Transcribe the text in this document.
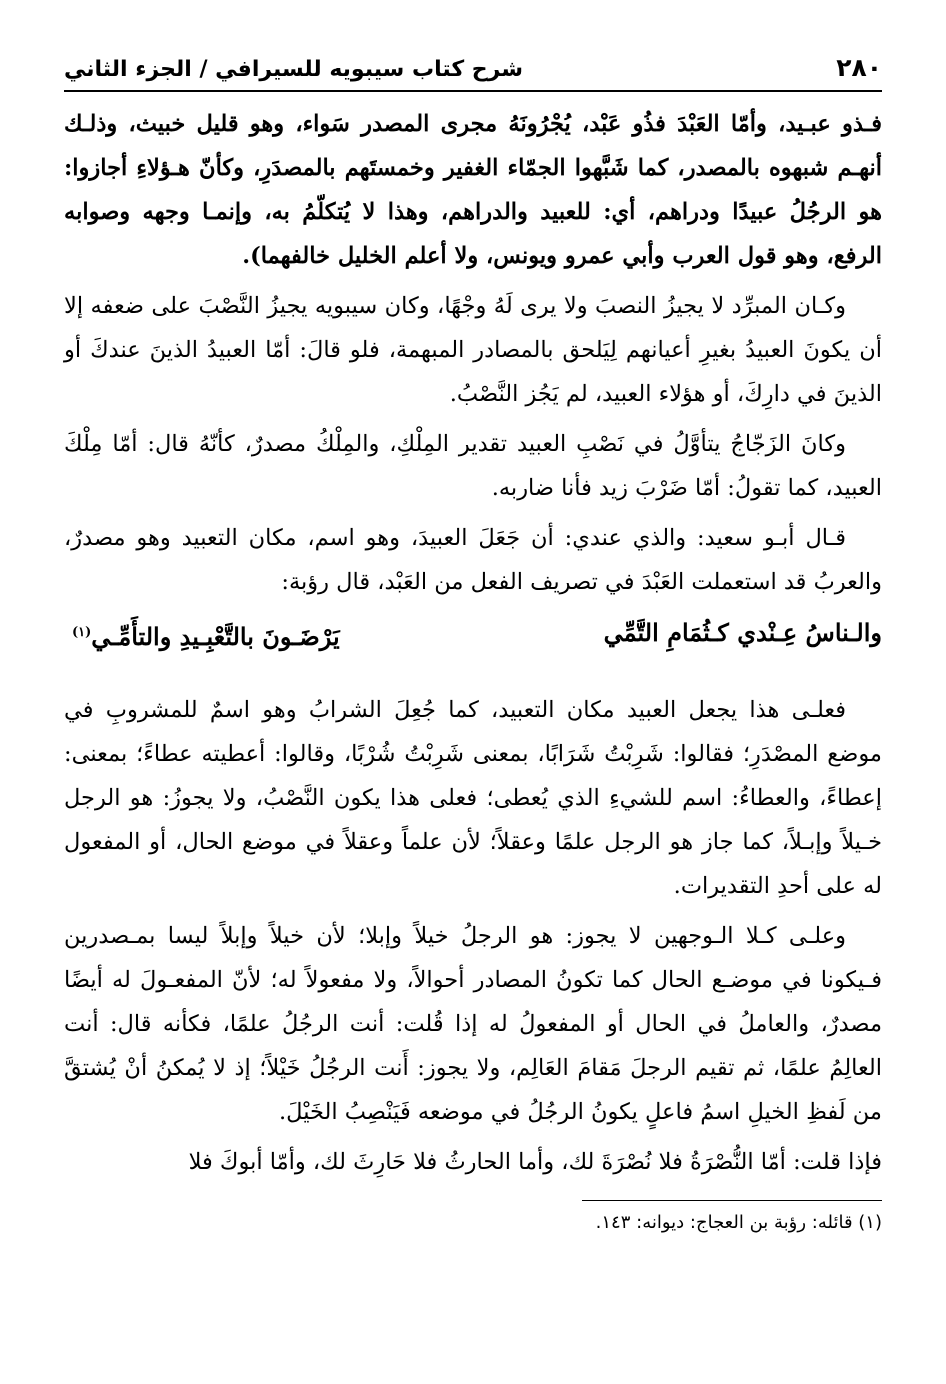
٢٨٠
شرح كتاب سيبويه للسيرافي / الجزء الثاني

فـذو عبـيد، وأمّا العَبْدَ فذُو عَبْد، يُجْرُونَهُ مجرى المصدر سَواء، وهو قليل خبيث، وذلـك أنهـم شبهوه بالمصدر، كما شَبَّهوا الجمّاء الغفير وخمستَهم بالمصدَرِ، وكأنّ هـؤلاءِ أجازوا: هو الرجُلُ عبيدًا ودراهم، أي: للعبيد والدراهم، وهذا لا يُتكلّمُ به، وإنمـا وجهه وصوابه الرفع، وهو قول العرب وأبي عمرو ويونس، ولا أعلم الخليل خالفهما).

وكـان المبرِّد لا يجيزُ النصبَ ولا يرى لَهُ وجْهًا، وكان سيبويه يجيزُ النَّصْبَ على ضعفه إلا أن يكونَ العبيدُ بغيرِ أعيانهم لِيَلحق بالمصادر المبهمة، فلو قالَ: أمّا العبيدُ الذينَ عندكَ أو الذينَ في دارِكَ، أو هؤلاء العبيد، لم يَجُز النَّصْبُ.

وكانَ الزَجّاجُ يتأوَّلُ في نَصْبِ العبيد تقدير المِلْكِ، والمِلْكُ مصدرٌ، كأنّهُ قال: أمّا مِلْكَ العبيد، كما تقولُ: أمّا ضَرْبَ زيد فأنا ضاربه.

قـال أبـو سعيد: والذي عندي: أن جَعَلَ العبيدَ، وهو اسم، مكان التعبيد وهو مصدرٌ، والعربُ قد استعملت العَبْدَ في تصريف الفعل من العَبْد، قال رؤبة:

والـناسُ عِـنْدي كـثُمَامِ التَّمِّي
يَرْضَـونَ بالتَّعْبِـيدِ والتأَمِّـي$^{(١)}$

فعلـى هذا يجعل العبيد مكان التعبيد، كما جُعِلَ الشرابُ وهو اسمٌ للمشروبِ في موضع المصْدَرِ؛ فقالوا: شَرِبْتُ شَرَابًا، بمعنى شَرِبْتُ شُرْبًا، وقالوا: أعطيته عطاءً؛ بمعنى: إعطاءً، والعطاءُ: اسم للشيءِ الذي يُعطى؛ فعلى هذا يكون النَّصْبُ، ولا يجوزُ: هو الرجل خـيلاً وإبـلاً، كما جاز هو الرجل علمًا وعقلاً؛ لأن علماً وعقلاً في موضع الحال، أو المفعول له على أحدِ التقديرات.

وعلـى كـلا الـوجهين لا يجوز: هو الرجلُ خيلاً وإبلا؛ لأن خيلاً وإبلاً ليسا بمـصدرين فـيكونا في موضـع الحال كما تكونُ المصادر أحوالاً، ولا مفعولاً له؛ لأنّ المفعـولَ له أيضًا مصدرٌ، والعاملُ في الحال أو المفعولُ له إذا قُلت: أنت الرجُلُ علمًا، فكأنه قال: أنت العالِمُ علمًا، ثم تقيم الرجلَ مَقامَ العَالِم، ولا يجوز: أَنت الرجُلُ خَيْلاً؛ إذ لا يُمكنُ أنْ يُشتقَّ من لَفظِ الخيلِ اسمُ فاعلٍ يكونُ الرجُلُ في موضعه فَيَنْصِبُ الخَيْلَ.

فإذا قلت: أمّا النُّصْرَةُ فلا نُصْرَةَ لك، وأما الحارثُ فلا حَارِثَ لك، وأمّا أبوكَ فلا

(١) قائله: رؤبة بن العجاج: ديوانه: ١٤٣.
